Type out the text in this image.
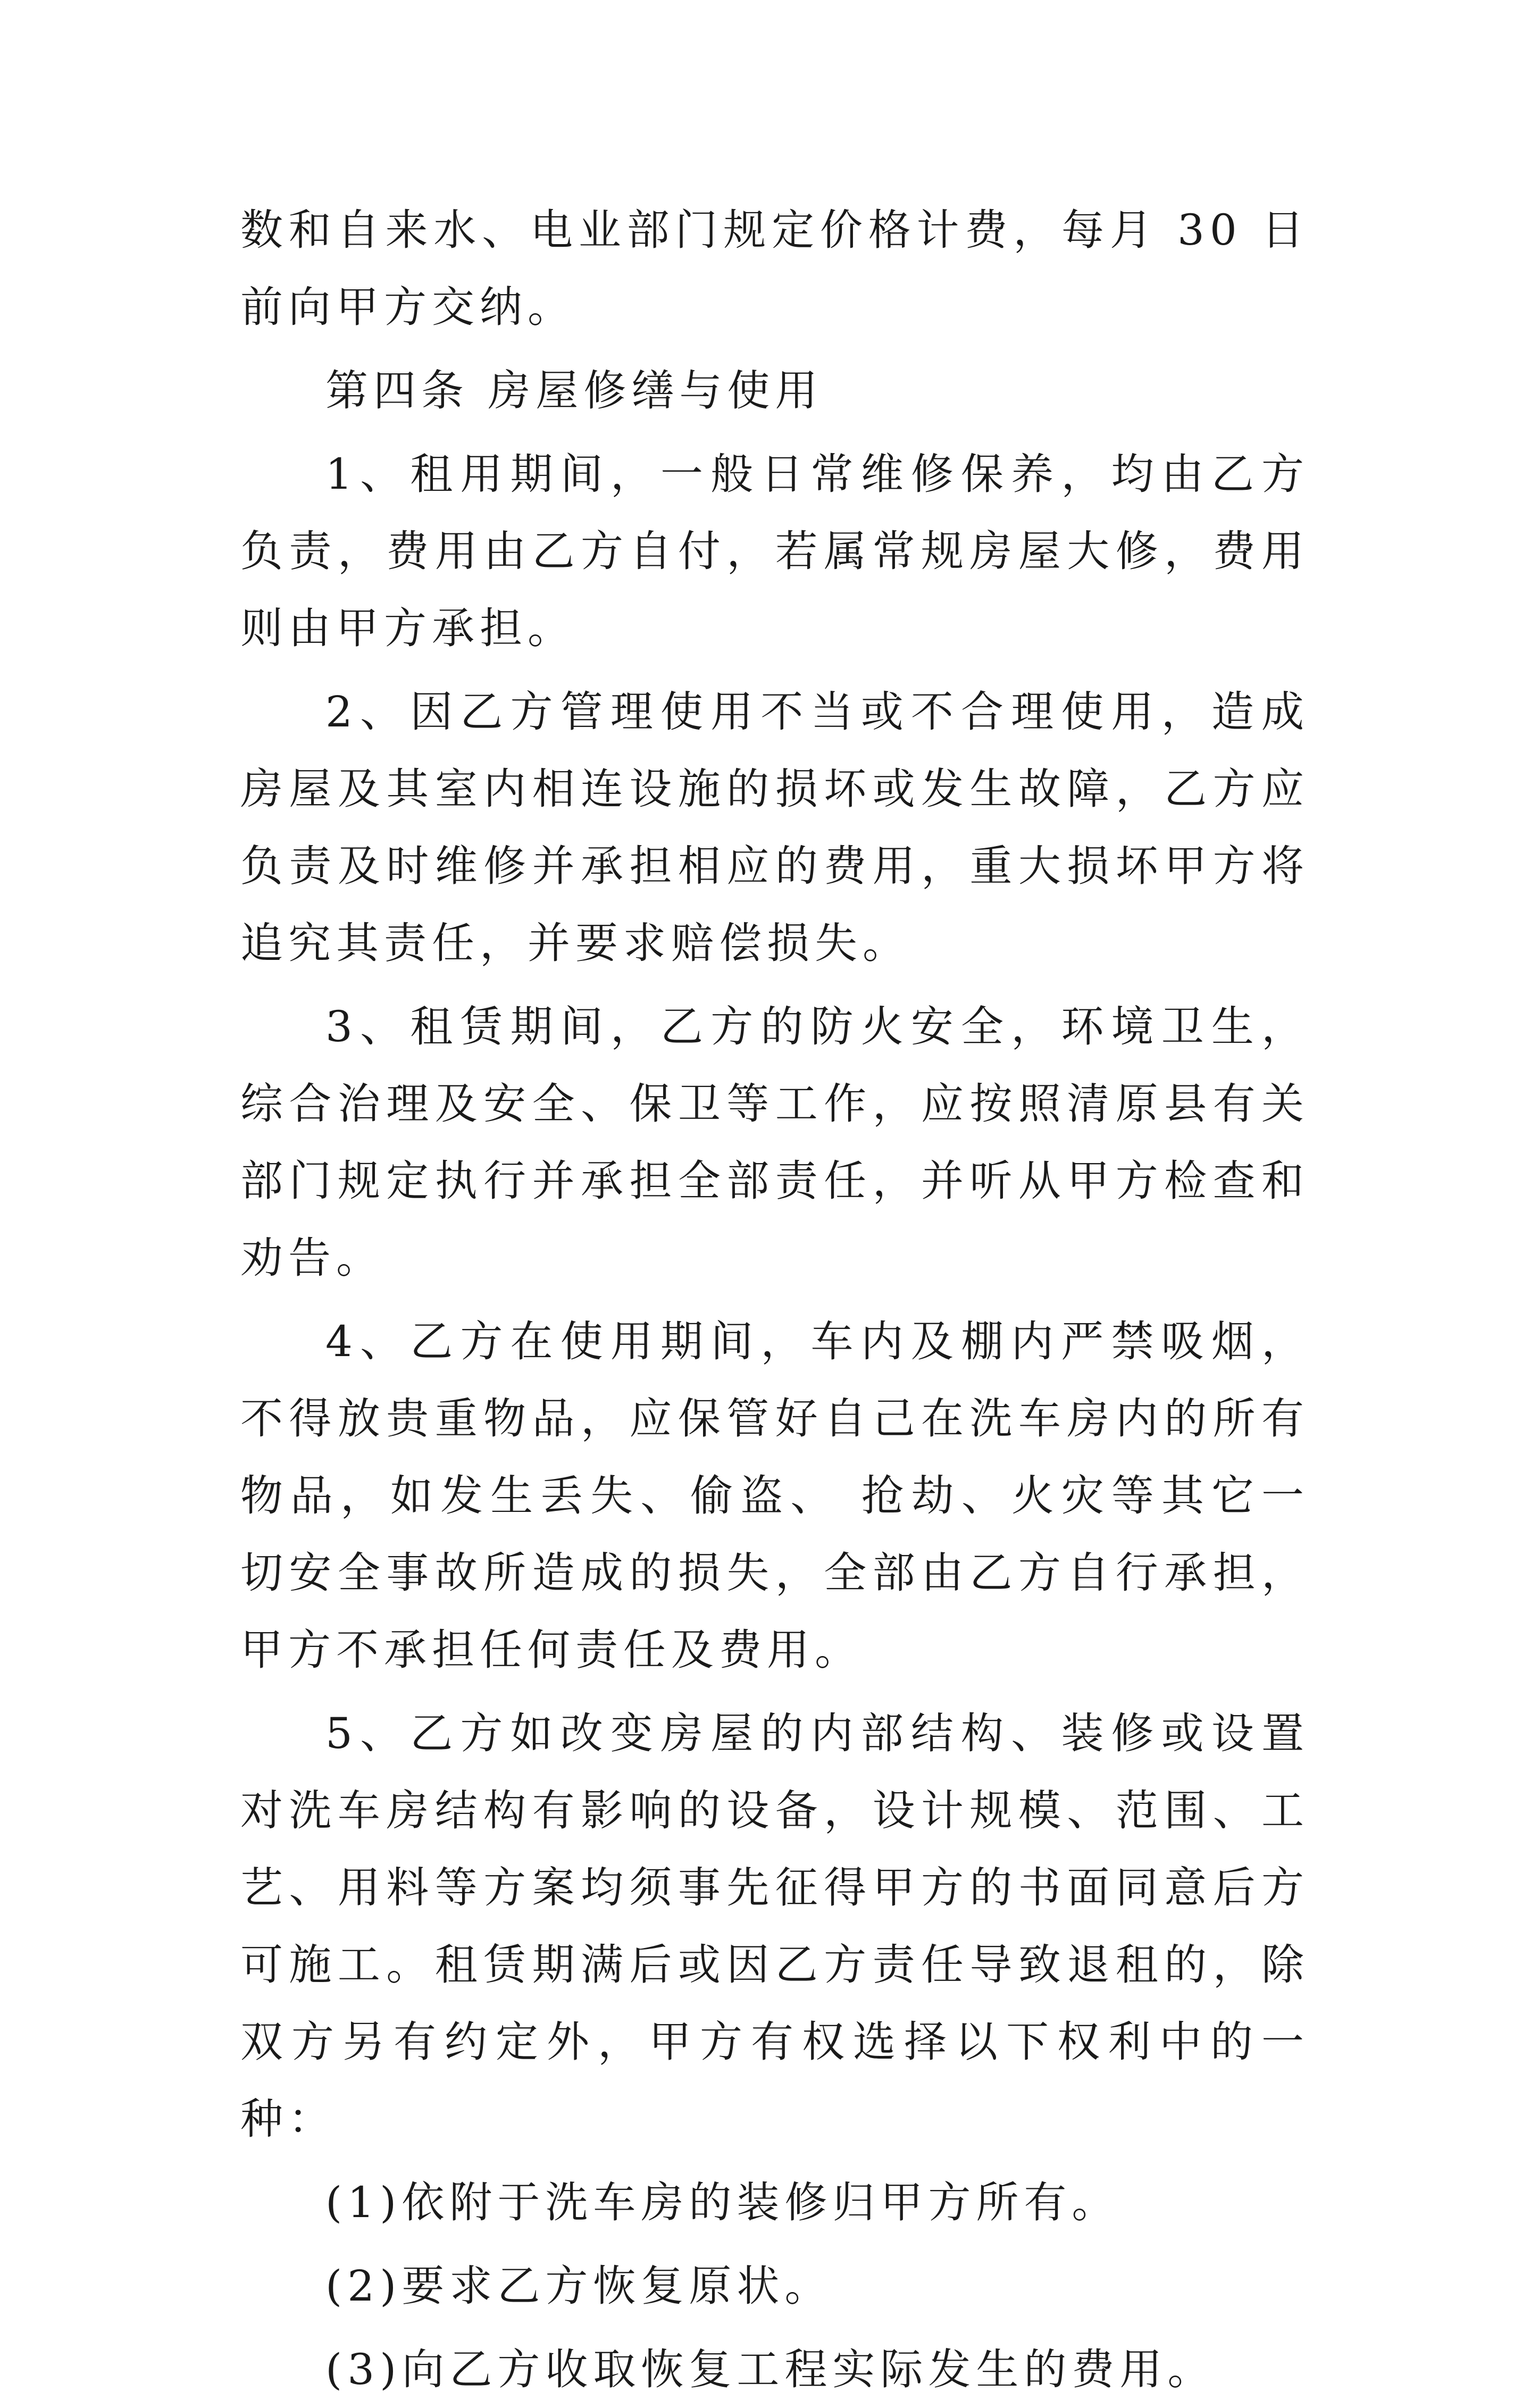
数和自来水、电业部门规定价格计费，每月 30 日前向甲方交纳。

第四条 房屋修缮与使用

1、租用期间，一般日常维修保养，均由乙方负责，费用由乙方自付，若属常规房屋大修，费用则由甲方承担。

2、因乙方管理使用不当或不合理使用，造成房屋及其室内相连设施的损坏或发生故障，乙方应负责及时维修并承担相应的费用，重大损坏甲方将追究其责任，并要求赔偿损失。

3、租赁期间，乙方的防火安全，环境卫生，综合治理及安全、保卫等工作，应按照清原县有关部门规定执行并承担全部责任，并听从甲方检查和劝告。

4、乙方在使用期间，车内及棚内严禁吸烟，不得放贵重物品，应保管好自己在洗车房内的所有物品，如发生丢失、偷盗、 抢劫、火灾等其它一切安全事故所造成的损失，全部由乙方自行承担，甲方不承担任何责任及费用。

5、乙方如改变房屋的内部结构、装修或设置对洗车房结构有影响的设备，设计规模、范围、工艺、用料等方案均须事先征得甲方的书面同意后方可施工。租赁期满后或因乙方责任导致退租的，除双方另有约定外，甲方有权选择以下权利中的一种：

(1)依附于洗车房的装修归甲方所有。

(2)要求乙方恢复原状。

(3)向乙方收取恢复工程实际发生的费用。
